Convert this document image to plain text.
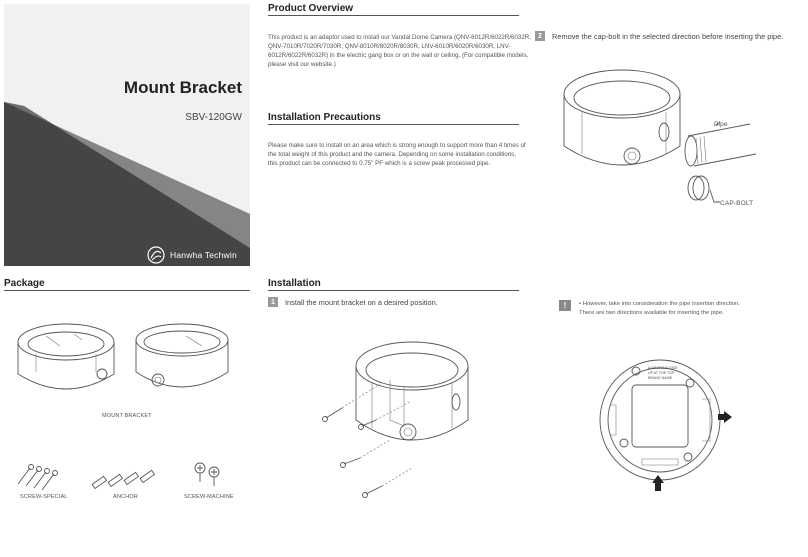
Mount Bracket
SBV-120GW
Hanwha Techwin
Product Overview
This product is an adaptor used to install our Vandal Dome Camera (QNV-6012R/6022R/6032R,
QNV-7010R/7020R/7030R, QNV-8010R/8020R/8030R, LNV-6010R/6020R/6030R, LNV-
6012R/6022R/6032R) in the electric gang box or on the wall or ceiling. (For compatible models,
please visit our website.)
Installation Precautions
Please make sure to install on an area which is strong enough to support more than 4 times of
the total weight of this product and the camera. Depending on some installation conditions,
this product can be connected to 0.75" PF which is a screw peak processed pipe.
Package
MOUNT BRACKET
SCREW-SPECIAL	ANCHOR	SCREW-MACHINE
Installation
1	Install the mount bracket on a desired position.
2	Remove the cap-bolt in the selected direction before inserting the pipe.
Pipe
CAP-BOLT
!	• However, take into consideration the pipe insertion direction.
There are two directions available for inserting the pipe.
A WARNING SIDE
UP AT THE TOP
BRAND NAME
